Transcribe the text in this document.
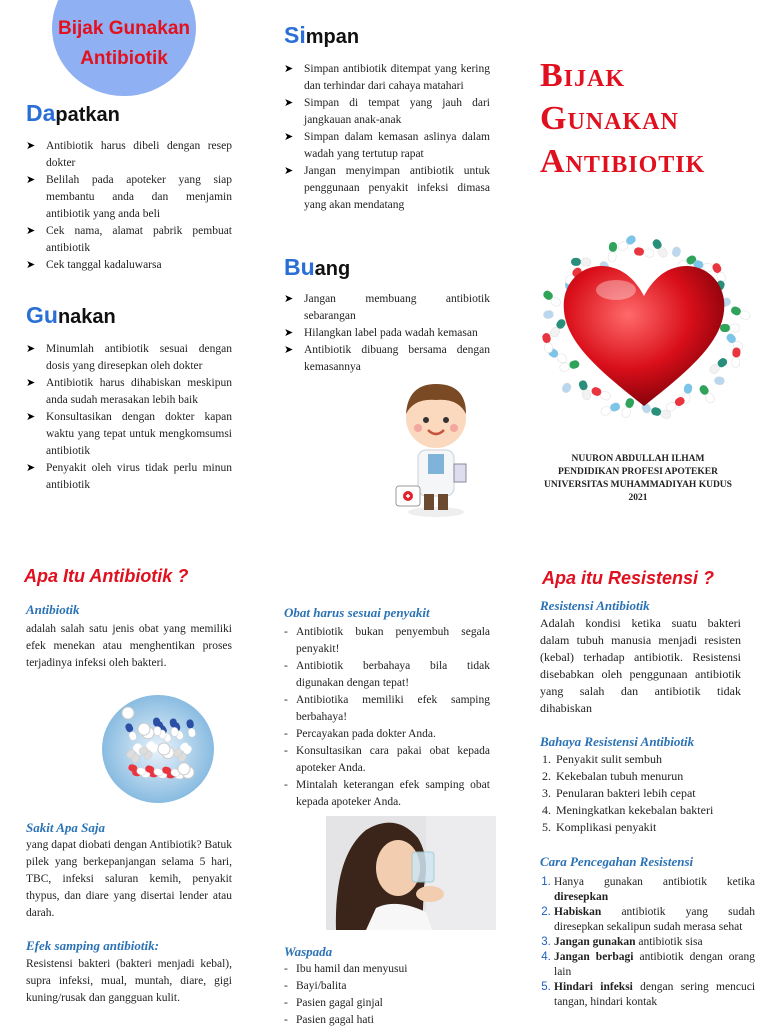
Bijak Gunakan
Antibiotik
Dapatkan
➤ Antibiotik harus dibeli dengan resep dokter
➤ Belilah pada apoteker yang siap membantu anda dan menjamin antibiotik yang anda beli
➤ Cek nama, alamat pabrik pembuat antibiotik
➤ Cek tanggal kadaluwarsa
Gunakan
➤ Minumlah antibiotik sesuai dengan dosis yang diresepkan oleh dokter
➤ Antibiotik harus dihabiskan meskipun anda sudah merasakan lebih baik
➤ Konsultasikan dengan dokter kapan waktu yang tepat untuk mengkomsumsi antibiotik
➤ Penyakit oleh virus tidak perlu minun antibiotik
Simpan
➤ Simpan antibiotik ditempat yang kering dan terhindar dari cahaya matahari
➤ Simpan di tempat yang jauh dari jangkauan anak-anak
➤ Simpan dalam kemasan aslinya dalam wadah yang tertutup rapat
➤ Jangan menyimpan antibiotik untuk penggunaan penyakit infeksi dimasa yang akan mendatang
Buang
➤ Jangan membuang antibiotik sebarangan
➤ Hilangkan label pada wadah kemasan
➤ Antibiotik dibuang bersama dengan kemasannya
Bijak
Gunakan
Antibiotik
NUURON ABDULLAH ILHAM
PENDIDIKAN PROFESI APOTEKER
UNIVERSITAS MUHAMMADIYAH KUDUS
2021
Apa Itu Antibiotik ?
Antibiotik
adalah salah satu jenis obat yang memiliki efek menekan atau menghentikan proses terjadinya infeksi oleh bakteri.
Sakit Apa Saja
yang dapat diobati dengan Antibiotik? Batuk pilek yang berkepanjangan selama 5 hari, TBC, infeksi saluran kemih, penyakit thypus, dan diare yang disertai lender atau darah.
Efek samping antibiotik:
Resistensi bakteri (bakteri menjadi kebal), supra infeksi, mual, muntah, diare, gigi kuning/rusak dan gangguan kulit.
Obat harus sesuai penyakit
- Antibiotik bukan penyembuh segala penyakit!
- Antibiotik berbahaya bila tidak digunakan dengan tepat!
- Antibiotika memiliki efek samping berbahaya!
- Percayakan pada dokter Anda.
- Konsultasikan cara pakai obat kepada apoteker Anda.
- Mintalah keterangan efek samping obat kepada apoteker Anda.
Waspada
- Ibu hamil dan menyusui
- Bayi/balita
- Pasien gagal ginjal
- Pasien gagal hati
Apa itu Resistensi ?
Resistensi Antibiotik
Adalah kondisi ketika suatu bakteri dalam tubuh manusia menjadi resisten (kebal) terhadap antibiotik. Resistensi disebabkan oleh penggunaan antibiotik yang salah dan antibiotik tidak dihabiskan
Bahaya Resistensi Antibiotik
1. Penyakit sulit sembuh
2. Kekebalan tubuh menurun
3. Penularan bakteri lebih cepat
4. Meningkatkan kekebalan bakteri
5. Komplikasi penyakit
Cara Pencegahan Resistensi
1. Hanya gunakan antibiotik ketika diresepkan
2. Habiskan antibiotik yang sudah diresepkan sekalipun sudah merasa sehat
3. Jangan gunakan antibiotik sisa
4. Jangan berbagi antibiotik dengan orang lain
5. Hindari infeksi dengan sering mencuci tangan, hindari kontak
